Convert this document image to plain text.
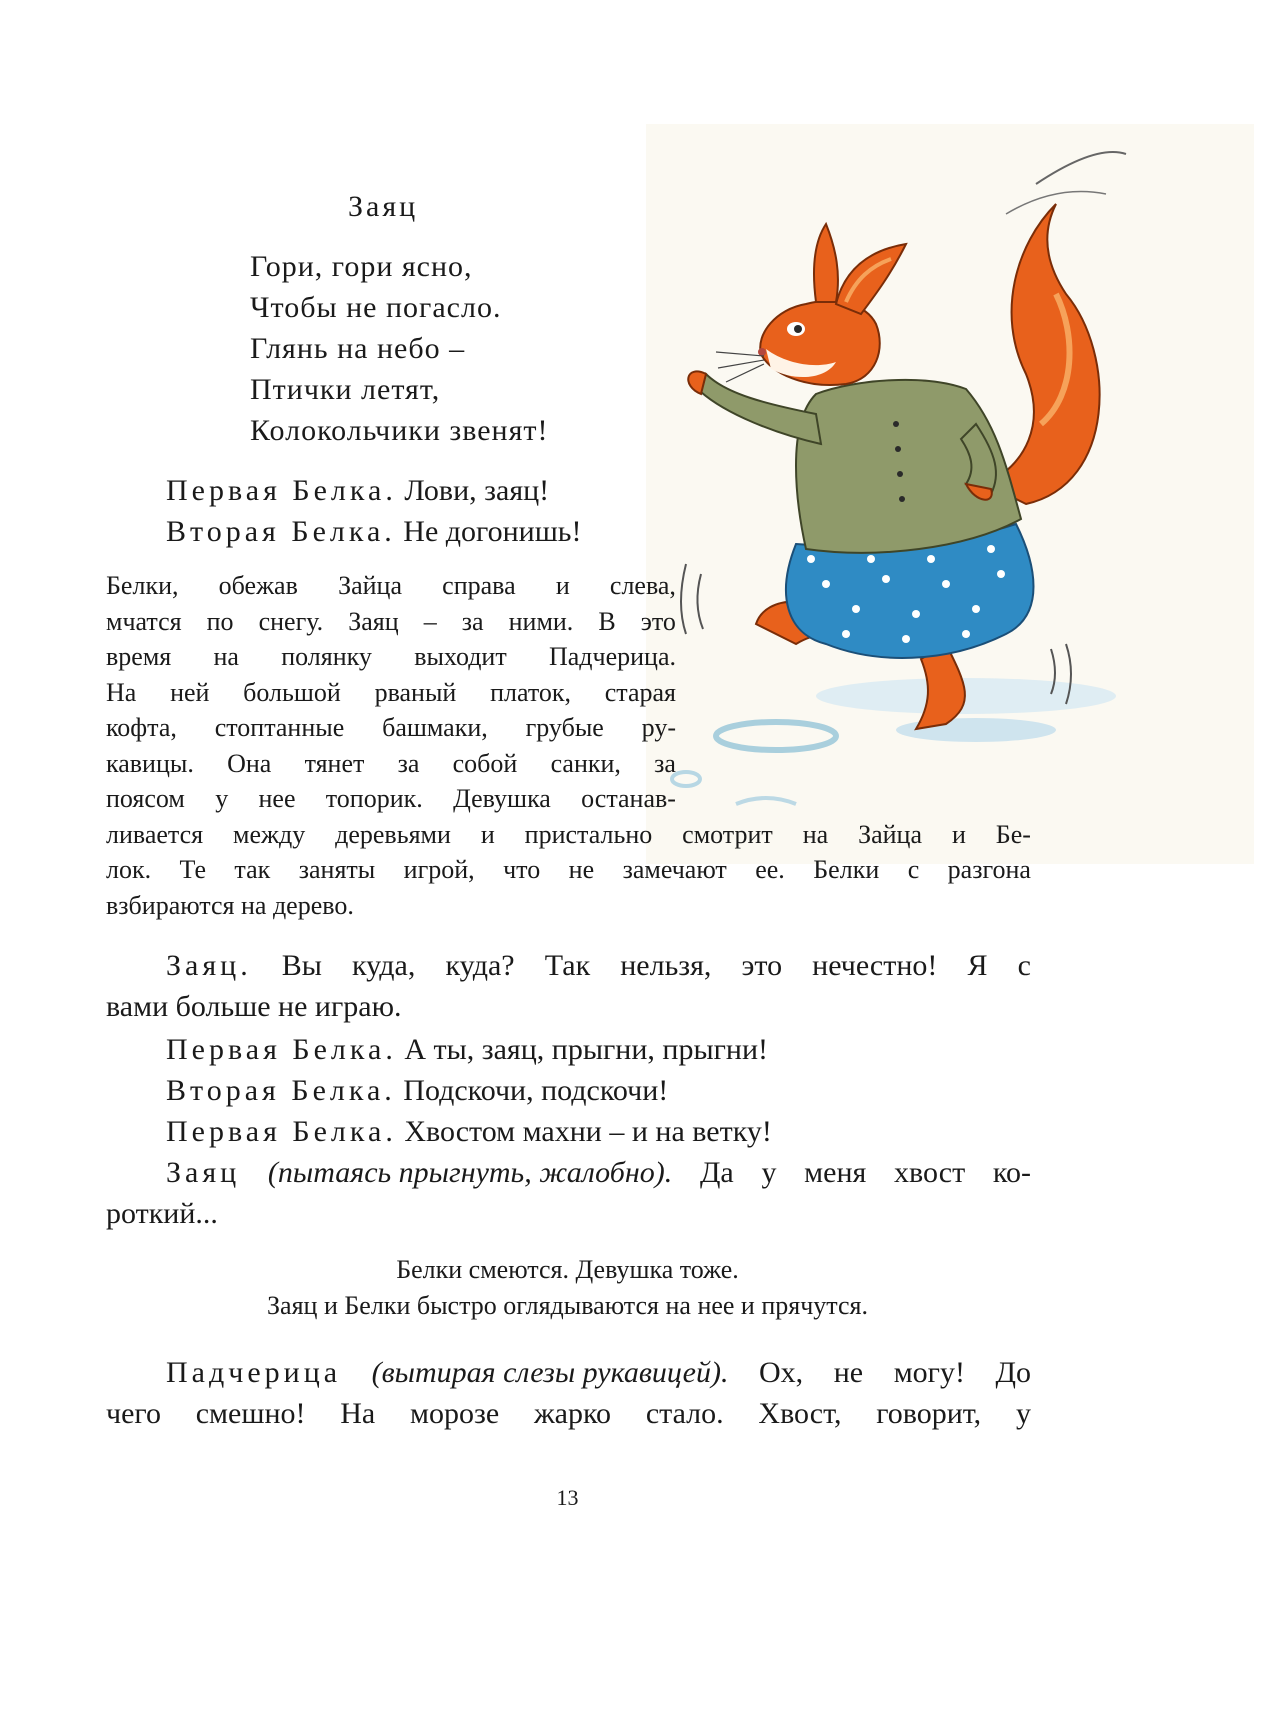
Заяц
Гори, гори ясно,
Чтобы не погасло.
Глянь на небо –
Птички летят,
Колокольчики звенят!
Первая Белка. Лови, заяц!
Вторая Белка. Не догонишь!
Белки, обежав Зайца справа и слева,
мчатся по снегу. Заяц – за ними. В это
время на полянку выходит Падчерица.
На ней большой рваный платок, старая
кофта, стоптанные башмаки, грубые ру-
кавицы. Она тянет за собой санки, за
поясом у нее топорик. Девушка останав-
ливается между деревьями и пристально смотрит на Зайца и Бе-
лок. Те так заняты игрой, что не замечают ее. Белки с разгона
взбираются на дерево.
Заяц. Вы куда, куда? Так нельзя, это нечестно! Я с
вами больше не играю.
Первая Белка. А ты, заяц, прыгни, прыгни!
Вторая Белка. Подскочи, подскочи!
Первая Белка. Хвостом махни – и на ветку!
Заяц (пытаясь прыгнуть, жалобно). Да у меня хвост ко-
роткий...
Белки смеются. Девушка тоже.
Заяц и Белки быстро оглядываются на нее и прячутся.
Падчерица (вытирая слезы рукавицей). Ох, не могу! До
чего смешно! На морозе жарко стало. Хвост, говорит, у
13
